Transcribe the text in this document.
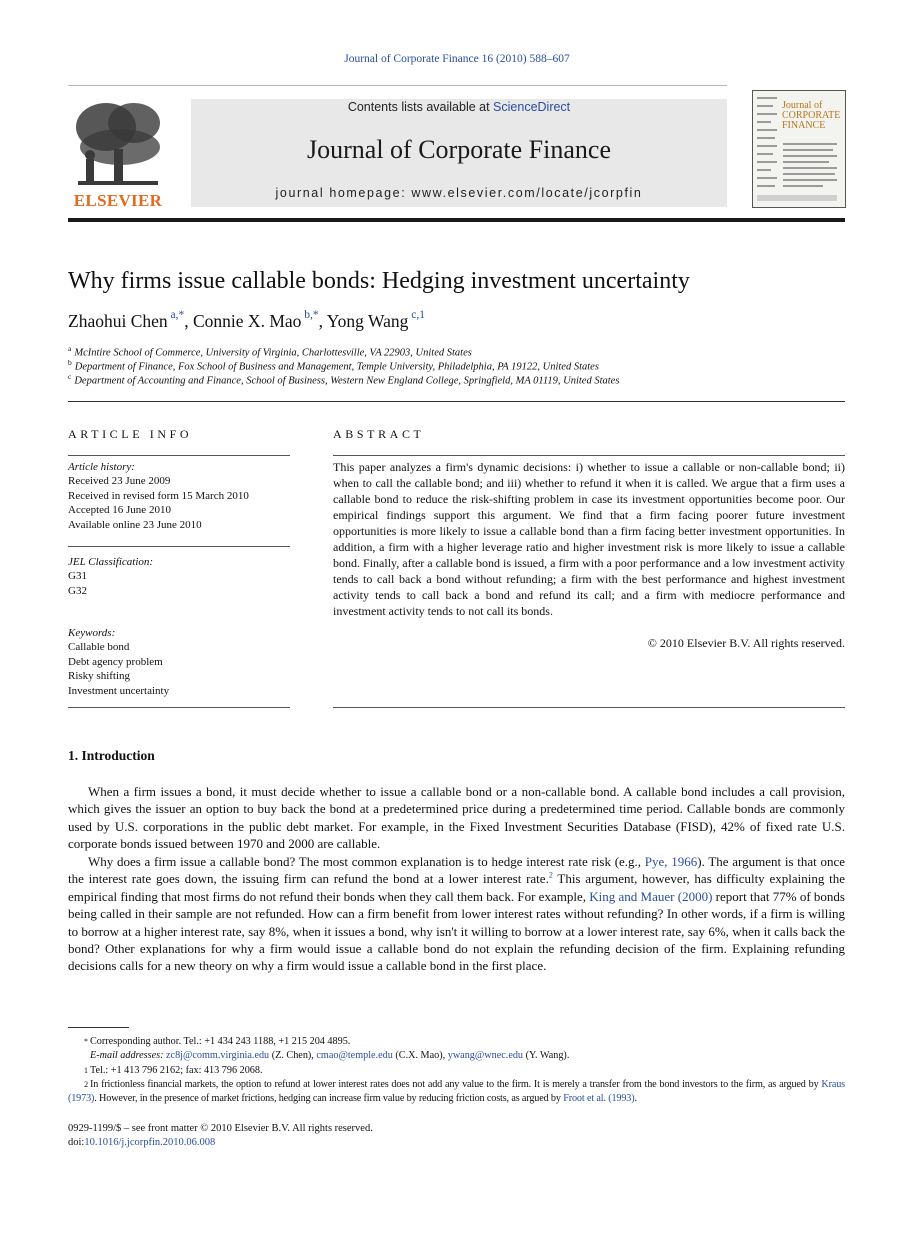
Journal of Corporate Finance 16 (2010) 588–607
ELSEVIER
Contents lists available at ScienceDirect
Journal of Corporate Finance
journal homepage: www.elsevier.com/locate/jcorpfin
Journal of CORPORATE FINANCE
Why firms issue callable bonds: Hedging investment uncertainty
Zhaohui Chen $^{a,*}$, Connie X. Mao $^{b,*}$, Yong Wang $^{c,1}$
$^a$ McIntire School of Commerce, University of Virginia, Charlottesville, VA 22903, United States
$^b$ Department of Finance, Fox School of Business and Management, Temple University, Philadelphia, PA 19122, United States
$^c$ Department of Accounting and Finance, School of Business, Western New England College, Springfield, MA 01119, United States
ARTICLE INFO
Article history:
Received 23 June 2009
Received in revised form 15 March 2010
Accepted 16 June 2010
Available online 23 June 2010
JEL Classification:
G31
G32
Keywords:
Callable bond
Debt agency problem
Risky shifting
Investment uncertainty
ABSTRACT
This paper analyzes a firm's dynamic decisions: i) whether to issue a callable or non-callable bond; ii) when to call the callable bond; and iii) whether to refund it when it is called. We argue that a firm uses a callable bond to reduce the risk-shifting problem in case its investment opportunities become poor. Our empirical findings support this argument. We find that a firm facing poorer future investment opportunities is more likely to issue a callable bond than a firm facing better investment opportunities. In addition, a firm with a higher leverage ratio and higher investment risk is more likely to issue a callable bond. Finally, after a callable bond is issued, a firm with a poor performance and a low investment activity tends to call back a bond without refunding; a firm with the best performance and highest investment activity tends to call back a bond and refund its call; and a firm with mediocre performance and investment activity tends to not call its bonds.
© 2010 Elsevier B.V. All rights reserved.
1. Introduction
When a firm issues a bond, it must decide whether to issue a callable bond or a non-callable bond. A callable bond includes a call provision, which gives the issuer an option to buy back the bond at a predetermined price during a predetermined time period. Callable bonds are commonly used by U.S. corporations in the public debt market. For example, in the Fixed Investment Securities Database (FISD), 42% of fixed rate U.S. corporate bonds issued between 1970 and 2000 are callable.
Why does a firm issue a callable bond? The most common explanation is to hedge interest rate risk (e.g., Pye, 1966). The argument is that once the interest rate goes down, the issuing firm can refund the bond at a lower interest rate.$^2$ This argument, however, has difficulty explaining the empirical finding that most firms do not refund their bonds when they call them back. For example, King and Mauer (2000) report that 77% of bonds being called in their sample are not refunded. How can a firm benefit from lower interest rates without refunding? In other words, if a firm is willing to borrow at a higher interest rate, say 8%, when it issues a bond, why isn't it willing to borrow at a lower interest rate, say 6%, when it calls back the bond? Other explanations for why a firm would issue a callable bond do not explain the refunding decision of the firm. Explaining refunding decisions calls for a new theory on why a firm would issue a callable bond in the first place.
* Corresponding author. Tel.: +1 434 243 1188, +1 215 204 4895.
E-mail addresses: zc8j@comm.virginia.edu (Z. Chen), cmao@temple.edu (C.X. Mao), ywang@wnec.edu (Y. Wang).
1 Tel.: +1 413 796 2162; fax: 413 796 2068.
2 In frictionless financial markets, the option to refund at lower interest rates does not add any value to the firm. It is merely a transfer from the bond investors to the firm, as argued by Kraus (1973). However, in the presence of market frictions, hedging can increase firm value by reducing friction costs, as argued by Froot et al. (1993).
0929-1199/$ – see front matter © 2010 Elsevier B.V. All rights reserved.
doi:10.1016/j.jcorpfin.2010.06.008
